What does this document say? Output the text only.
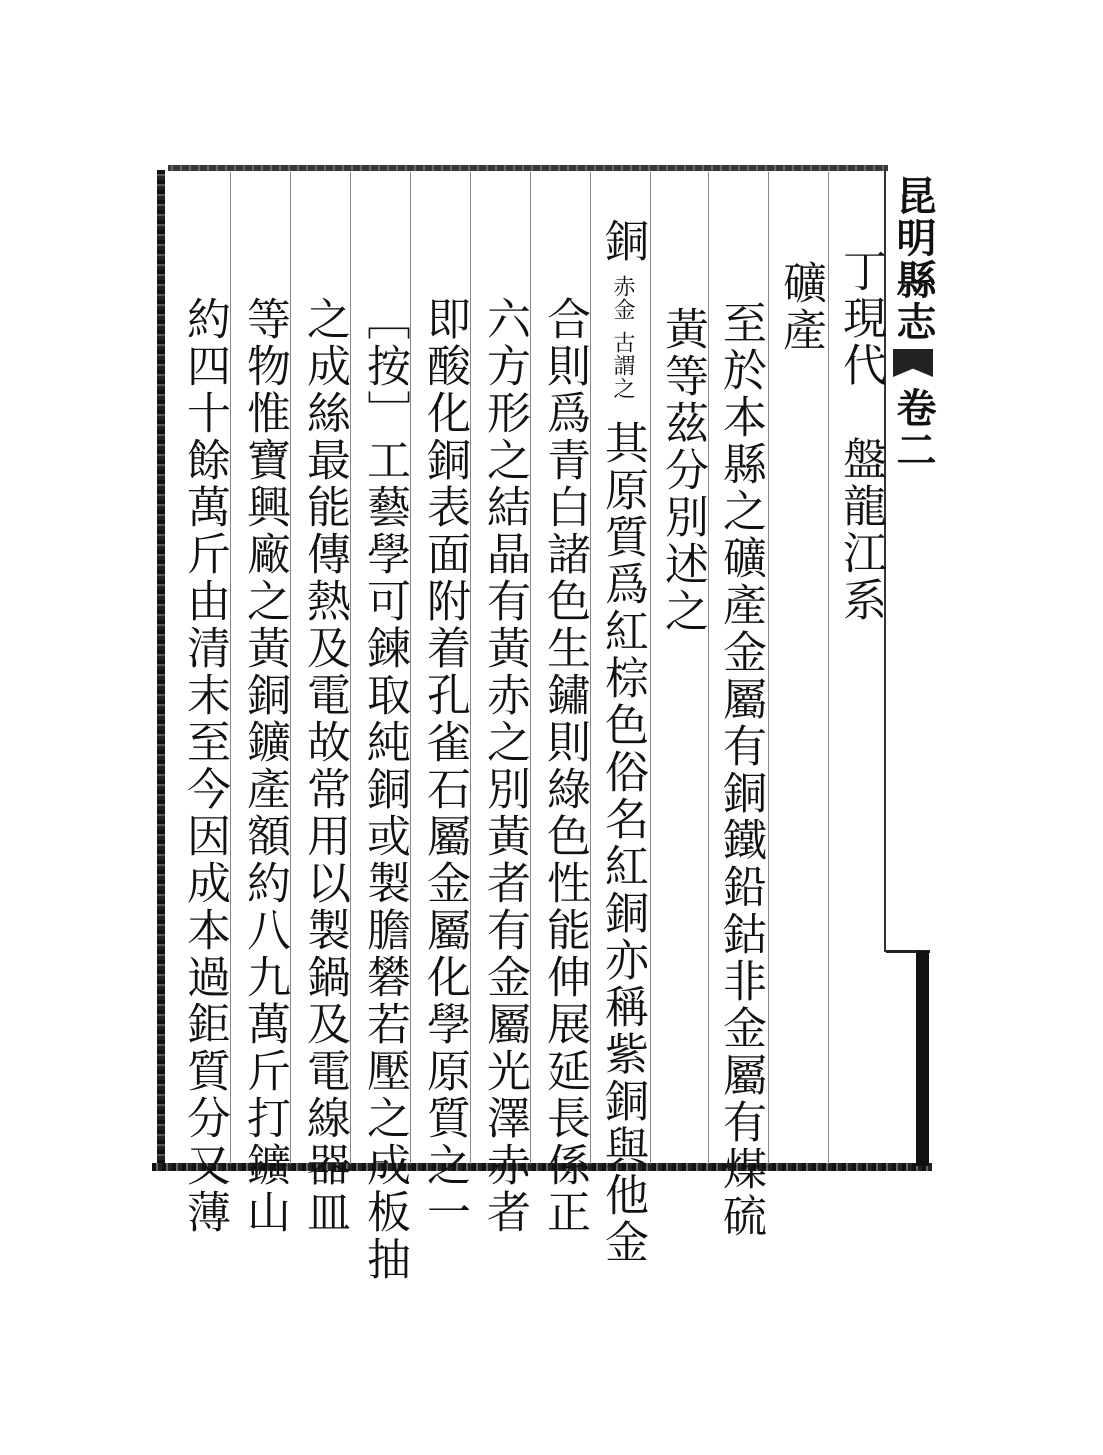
昆明縣志
卷二
丁現代　盤龍江系
礦產
至於本縣之礦產金屬有銅鐵鉛鈷非金屬有煤硫
黃等茲分別述之
銅
古謂之
赤金
其原質爲紅棕色俗名紅銅亦稱紫銅與他金
合則爲青白諸色生鏽則綠色性能伸展延長係正
六方形之結晶有黃赤之別黃者有金屬光澤赤者
即酸化銅表面附着孔雀石屬金屬化學原質之一
［按］工藝學可鍊取純銅或製膽礬若壓之成板抽
之成絲最能傳熱及電故常用以製鍋及電線器皿
等物惟寶興廠之黃銅鑛產額約八九萬斤打鑛山
約四十餘萬斤由清末至今因成本過鉅質分又薄
